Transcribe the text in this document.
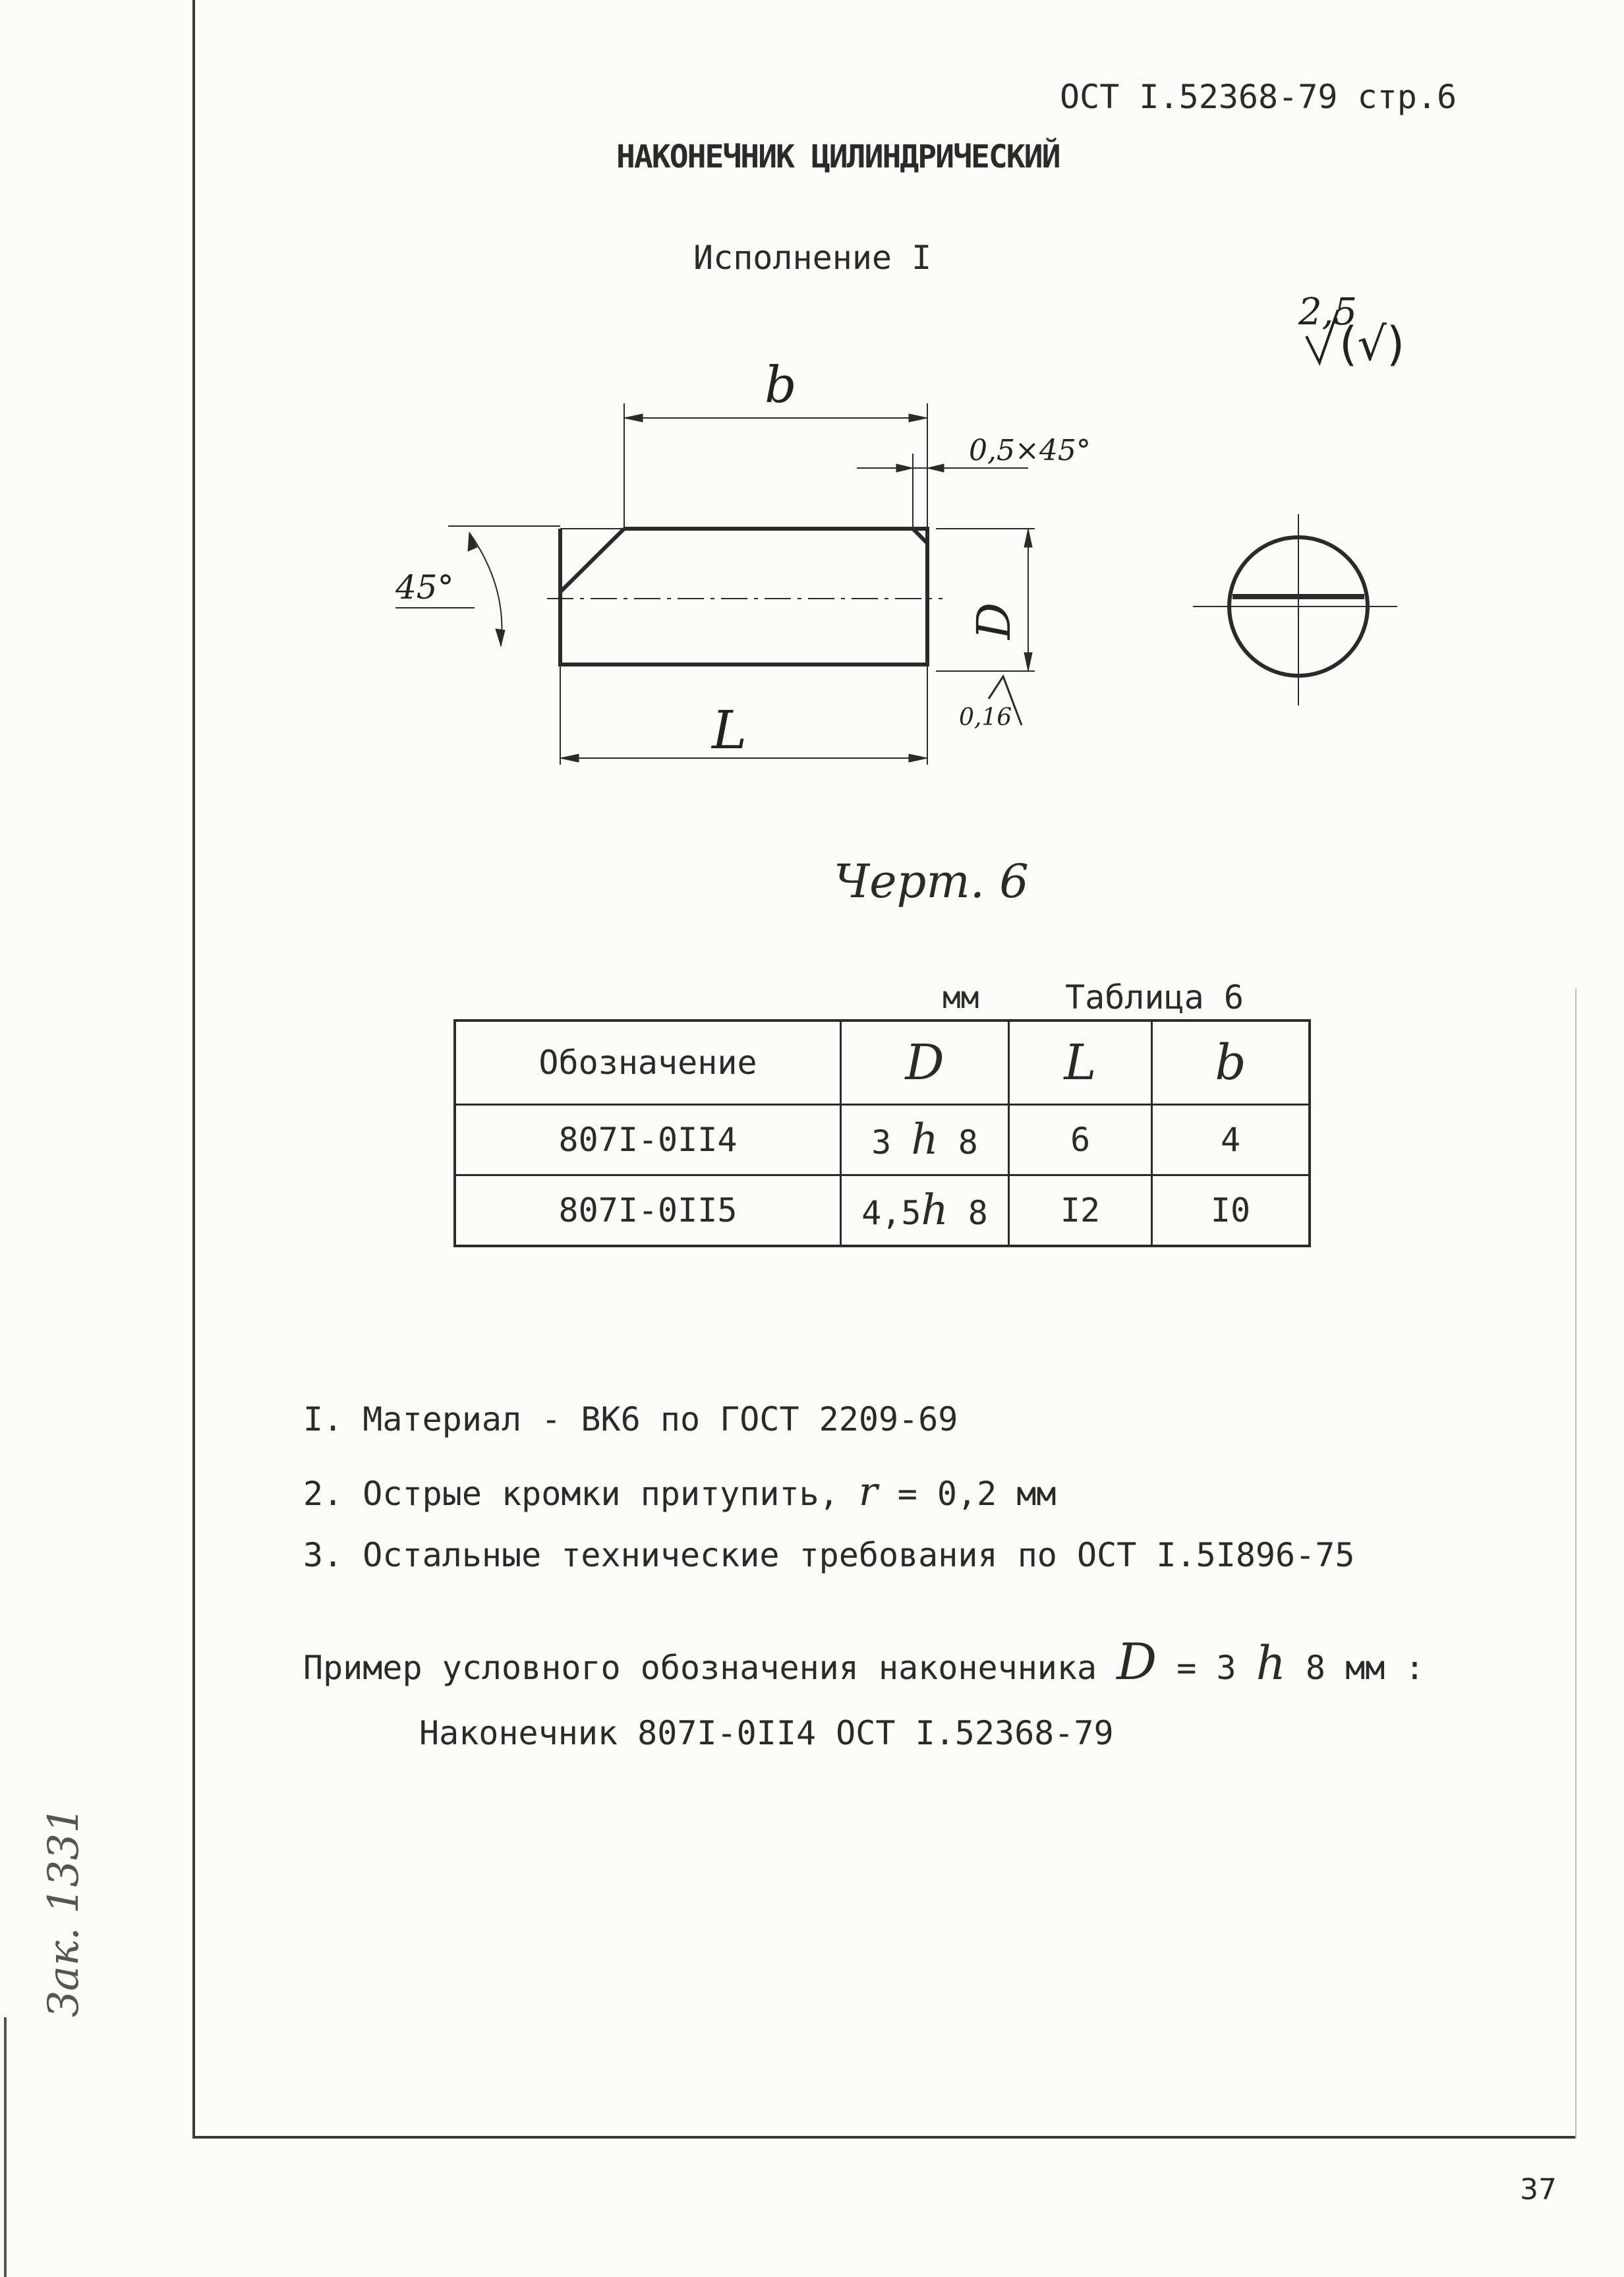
ОСТ I.52368-79 стр.6
НАКОНЕЧНИК ЦИЛИНДРИЧЕСКИЙ
Исполнение I
2,5
(√)
b
0,5×45°
45°
D
L	0,16
Черт. 6
мм	Таблица 6
Обозначение	D	L	b
807I-0II4	3 h 8	6	4
807I-0II5	4,5h 8	I2	I0
I. Материал - ВК6 по ГОСТ 2209-69
2. Острые кромки притупить, r = 0,2 мм
3. Остальные технические требования по ОСТ I.5I896-75
Пример условного обозначения наконечника D = 3 h 8 мм :
Наконечник 807I-0II4 ОСТ I.52368-79
Зак. 1331
37
